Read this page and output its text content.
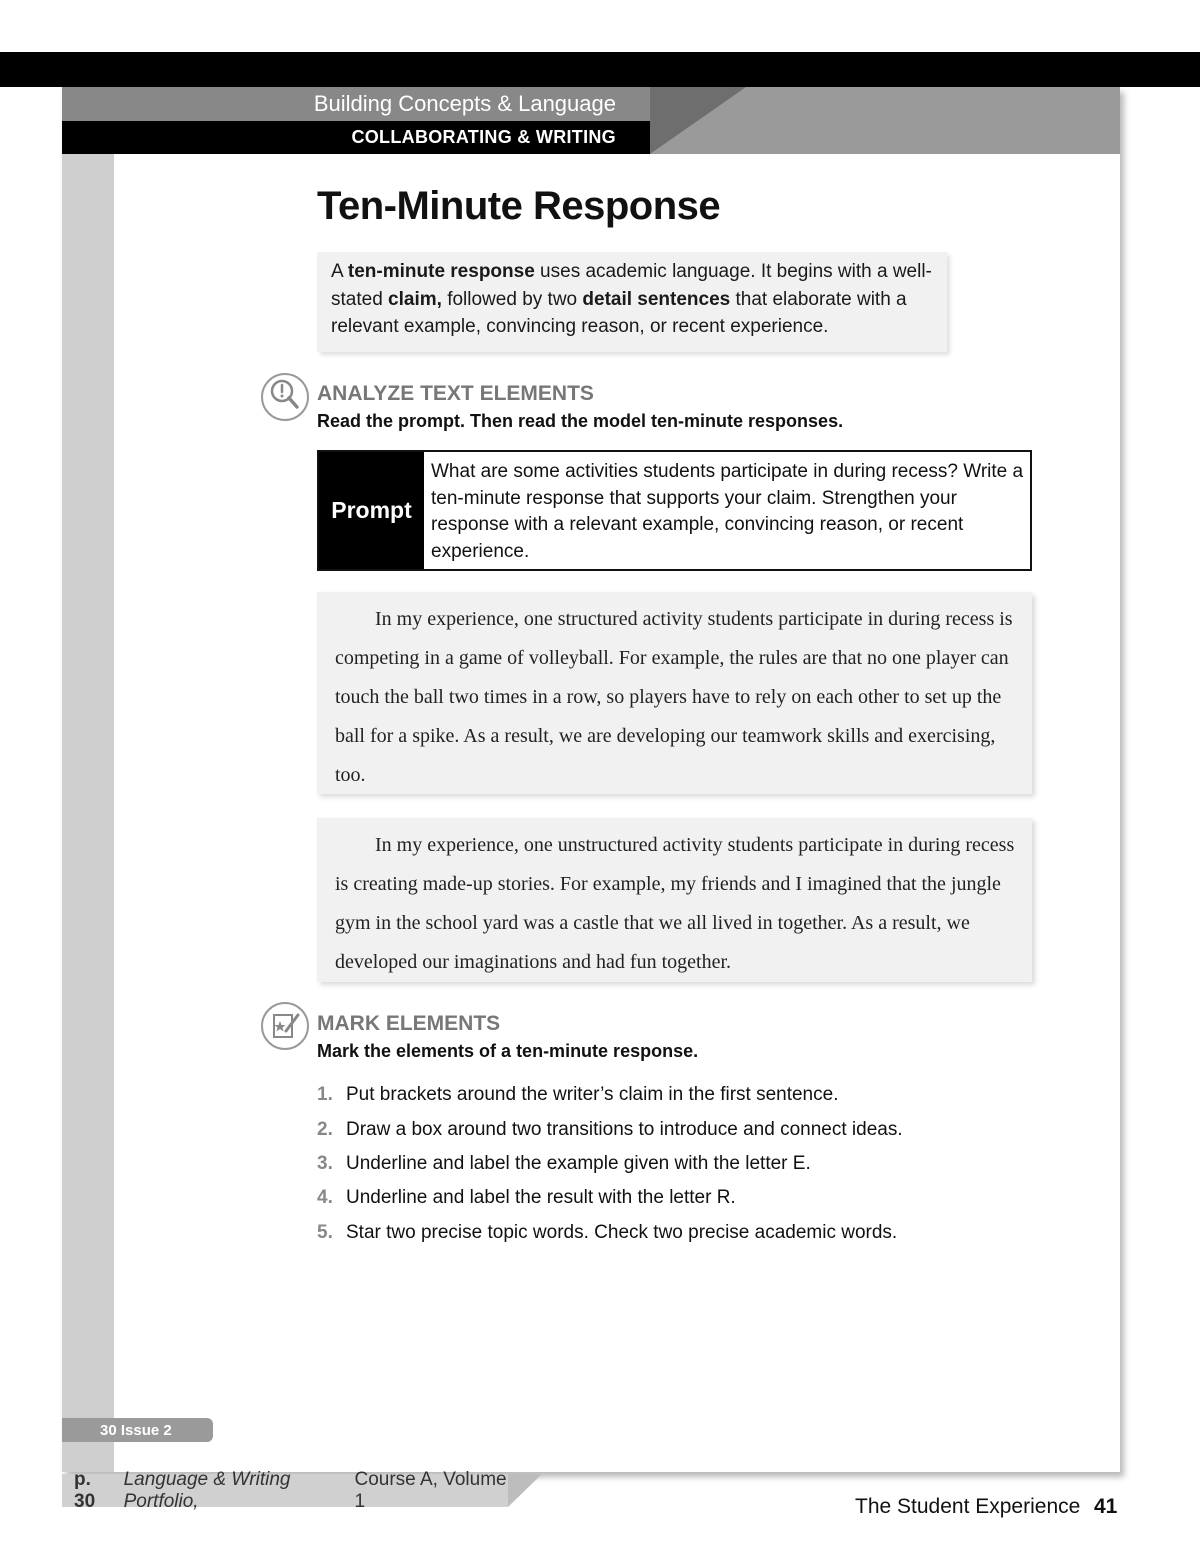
Building Concepts & Language
COLLABORATING & WRITING
Ten-Minute Response
A ten-minute response uses academic language. It begins with a well-stated claim, followed by two detail sentences that elaborate with a relevant example, convincing reason, or recent experience.
ANALYZE TEXT ELEMENTS
Read the prompt. Then read the model ten-minute responses.
Prompt
What are some activities students participate in during recess? Write a ten-minute response that supports your claim. Strengthen your response with a relevant example, convincing reason, or recent experience.
In my experience, one structured activity students participate in during recess is competing in a game of volleyball. For example, the rules are that no one player can touch the ball two times in a row, so players have to rely on each other to set up the ball for a spike. As a result, we are developing our teamwork skills and exercising, too.
In my experience, one unstructured activity students participate in during recess is creating made-up stories. For example, my friends and I imagined that the jungle gym in the school yard was a castle that we all lived in together. As a result, we developed our imaginations and had fun together.
MARK ELEMENTS
Mark the elements of a ten-minute response.
1. Put brackets around the writer’s claim in the first sentence.
2. Draw a box around two transitions to introduce and connect ideas.
3. Underline and label the example given with the letter E.
4. Underline and label the result with the letter R.
5. Star two precise topic words. Check two precise academic words.
30 Issue 2
p. 30
Language & Writing Portfolio,
Course A, Volume 1	The Student Experience 41
